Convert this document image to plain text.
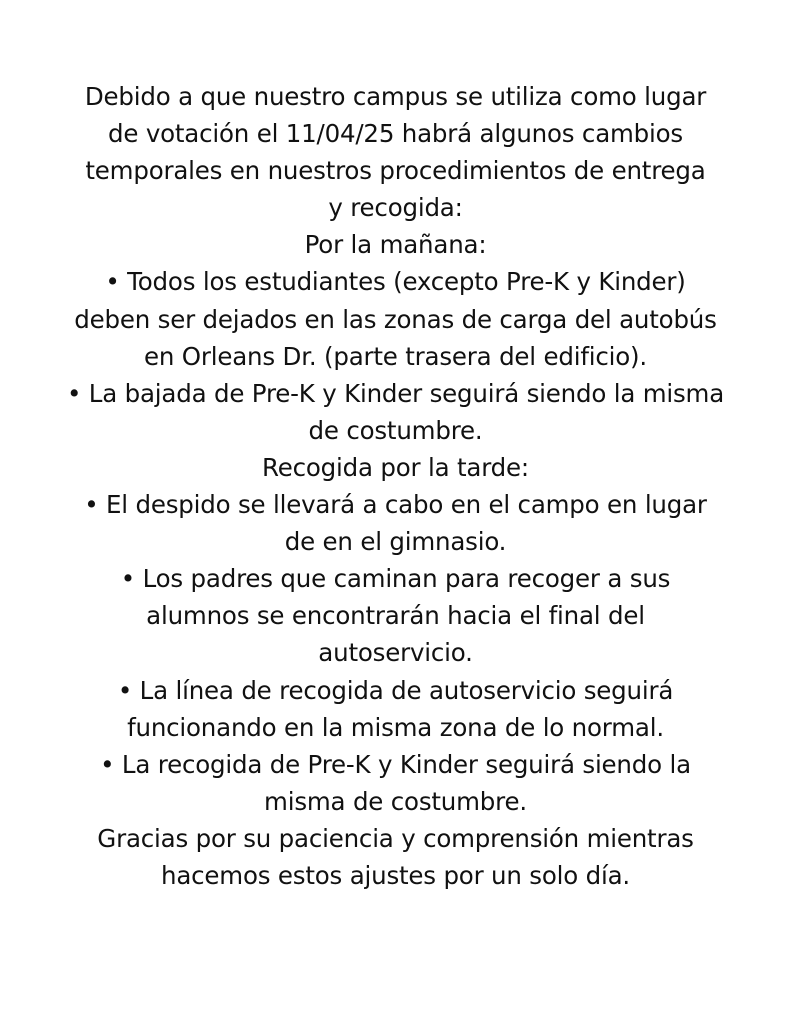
Debido a que nuestro campus se utiliza como lugar
de votación el 11/04/25 habrá algunos cambios
temporales en nuestros procedimientos de entrega
y recogida:
Por la mañana:
• Todos los estudiantes (excepto Pre-K y Kinder)
deben ser dejados en las zonas de carga del autobús
en Orleans Dr. (parte trasera del edificio).
• La bajada de Pre-K y Kinder seguirá siendo la misma
de costumbre.
Recogida por la tarde:
• El despido se llevará a cabo en el campo en lugar
de en el gimnasio.
• Los padres que caminan para recoger a sus
alumnos se encontrarán hacia el final del
autoservicio.
• La línea de recogida de autoservicio seguirá
funcionando en la misma zona de lo normal.
• La recogida de Pre-K y Kinder seguirá siendo la
misma de costumbre.
Gracias por su paciencia y comprensión mientras
hacemos estos ajustes por un solo día.
